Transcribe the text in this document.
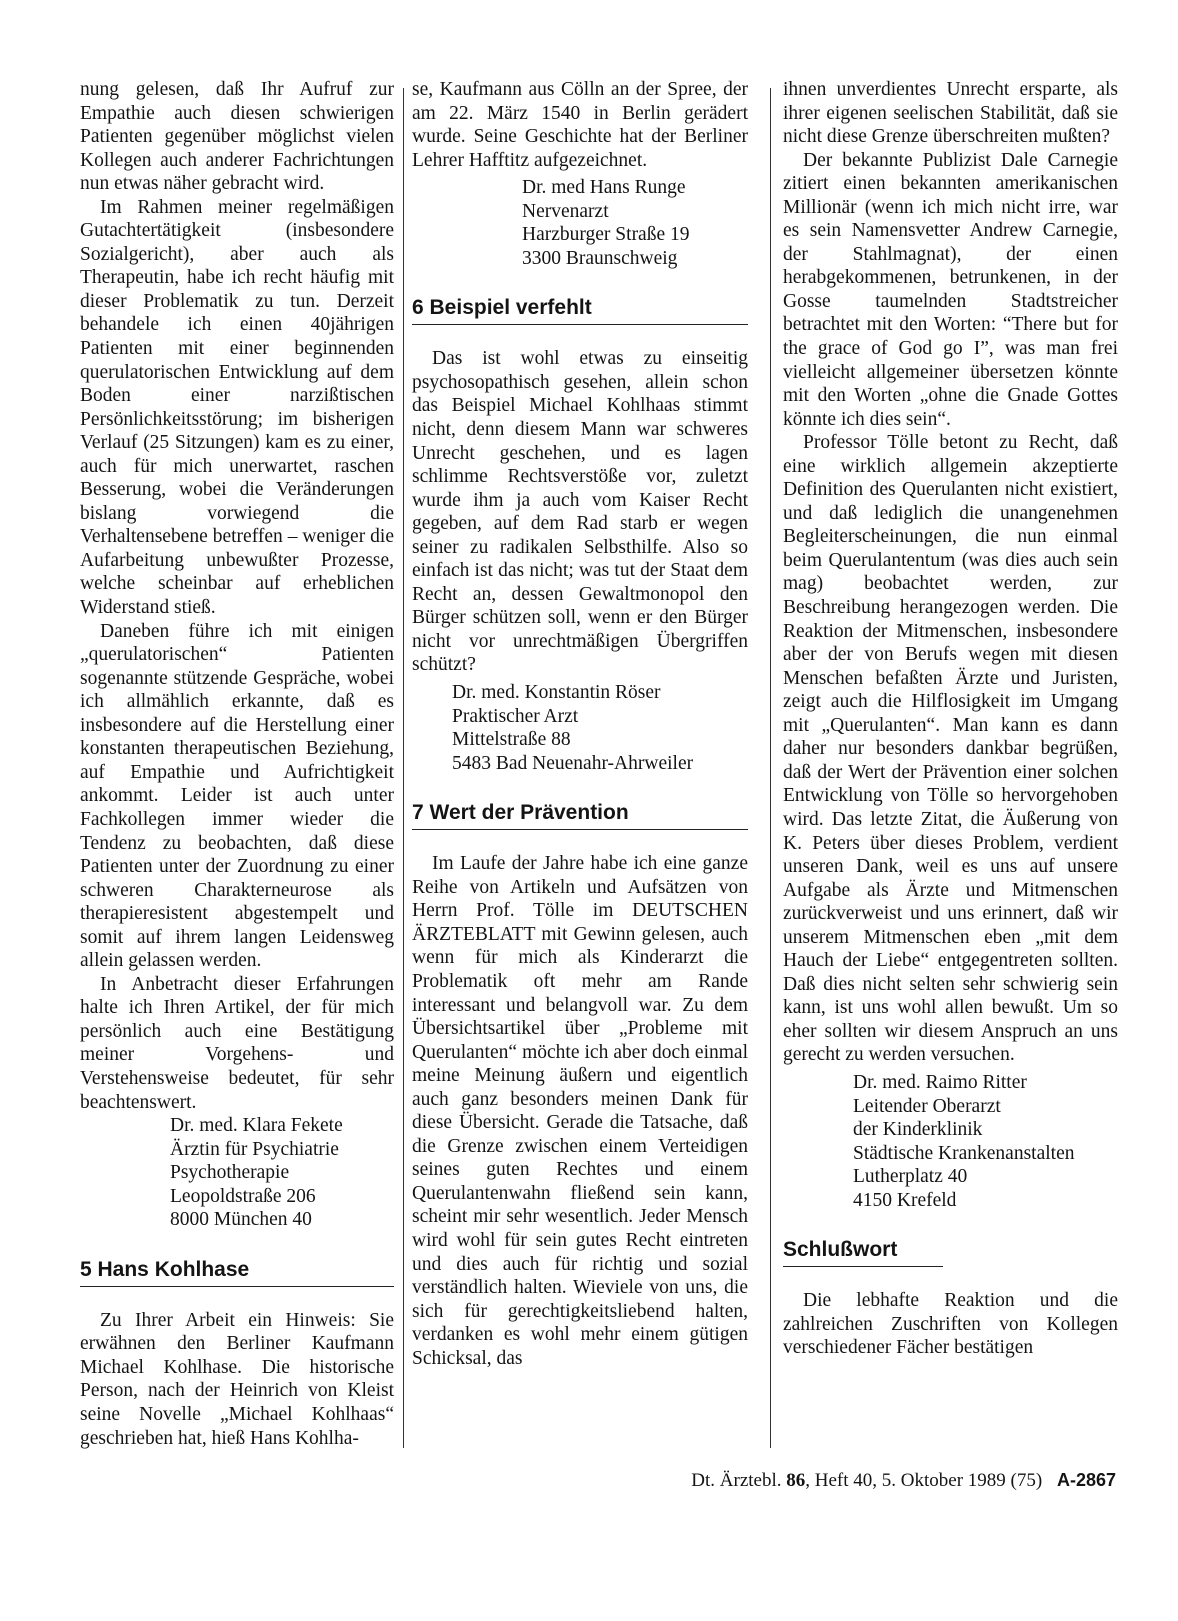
nung gelesen, daß Ihr Aufruf zur Empathie auch diesen schwierigen Patienten gegenüber möglichst vielen Kollegen auch anderer Fachrichtungen nun etwas näher gebracht wird.

Im Rahmen meiner regelmäßigen Gutachtertätigkeit (insbesondere Sozialgericht), aber auch als Therapeutin, habe ich recht häufig mit dieser Problematik zu tun. Derzeit behandele ich einen 40jährigen Patienten mit einer beginnenden querulatorischen Entwicklung auf dem Boden einer narzißtischen Persönlichkeitsstörung; im bisherigen Verlauf (25 Sitzungen) kam es zu einer, auch für mich unerwartet, raschen Besserung, wobei die Veränderungen bislang vorwiegend die Verhaltensebene betreffen – weniger die Aufarbeitung unbewußter Prozesse, welche scheinbar auf erheblichen Widerstand stieß.

Daneben führe ich mit einigen „querulatorischen“ Patienten sogenannte stützende Gespräche, wobei ich allmählich erkannte, daß es insbesondere auf die Herstellung einer konstanten therapeutischen Beziehung, auf Empathie und Aufrichtigkeit ankommt. Leider ist auch unter Fachkollegen immer wieder die Tendenz zu beobachten, daß diese Patienten unter der Zuordnung zu einer schweren Charakterneurose als therapieresistent abgestempelt und somit auf ihrem langen Leidensweg allein gelassen werden.

In Anbetracht dieser Erfahrungen halte ich Ihren Artikel, der für mich persönlich auch eine Bestätigung meiner Vorgehens- und Verstehensweise bedeutet, für sehr beachtenswert.

Dr. med. Klara Fekete
Ärztin für Psychiatrie
Psychotherapie
Leopoldstraße 206
8000 München 40
5 Hans Kohlhase

Zu Ihrer Arbeit ein Hinweis: Sie erwähnen den Berliner Kaufmann Michael Kohlhase. Die historische Person, nach der Heinrich von Kleist seine Novelle „Michael Kohlhaas“ geschrieben hat, hieß Hans Kohlha-

se, Kaufmann aus Cölln an der Spree, der am 22. März 1540 in Berlin gerädert wurde. Seine Geschichte hat der Berliner Lehrer Hafftitz aufgezeichnet.

Dr. med Hans Runge
Nervenarzt
Harzburger Straße 19
3300 Braunschweig
6 Beispiel verfehlt

Das ist wohl etwas zu einseitig psychosopathisch gesehen, allein schon das Beispiel Michael Kohlhaas stimmt nicht, denn diesem Mann war schweres Unrecht geschehen, und es lagen schlimme Rechtsverstöße vor, zuletzt wurde ihm ja auch vom Kaiser Recht gegeben, auf dem Rad starb er wegen seiner zu radikalen Selbsthilfe. Also so einfach ist das nicht; was tut der Staat dem Recht an, dessen Gewaltmonopol den Bürger schützen soll, wenn er den Bürger nicht vor unrechtmäßigen Übergriffen schützt?

Dr. med. Konstantin Röser
Praktischer Arzt
Mittelstraße 88
5483 Bad Neuenahr-Ahrweiler
7 Wert der Prävention

Im Laufe der Jahre habe ich eine ganze Reihe von Artikeln und Aufsätzen von Herrn Prof. Tölle im DEUTSCHEN ÄRZTEBLATT mit Gewinn gelesen, auch wenn für mich als Kinderarzt die Problematik oft mehr am Rande interessant und belangvoll war. Zu dem Übersichtsartikel über „Probleme mit Querulanten“ möchte ich aber doch einmal meine Meinung äußern und eigentlich auch ganz besonders meinen Dank für diese Übersicht. Gerade die Tatsache, daß die Grenze zwischen einem Verteidigen seines guten Rechtes und einem Querulantenwahn fließend sein kann, scheint mir sehr wesentlich. Jeder Mensch wird wohl für sein gutes Recht eintreten und dies auch für richtig und sozial verständlich halten. Wieviele von uns, die sich für gerechtigkeitsliebend halten, verdanken es wohl mehr einem gütigen Schicksal, das

ihnen unverdientes Unrecht ersparte, als ihrer eigenen seelischen Stabilität, daß sie nicht diese Grenze überschreiten mußten?

Der bekannte Publizist Dale Carnegie zitiert einen bekannten amerikanischen Millionär (wenn ich mich nicht irre, war es sein Namensvetter Andrew Carnegie, der Stahlmagnat), der einen herabgekommenen, betrunkenen, in der Gosse taumelnden Stadtstreicher betrachtet mit den Worten: “There but for the grace of God go I”, was man frei vielleicht allgemeiner übersetzen könnte mit den Worten „ohne die Gnade Gottes könnte ich dies sein“.

Professor Tölle betont zu Recht, daß eine wirklich allgemein akzeptierte Definition des Querulanten nicht existiert, und daß lediglich die unangenehmen Begleiterscheinungen, die nun einmal beim Querulantentum (was dies auch sein mag) beobachtet werden, zur Beschreibung herangezogen werden. Die Reaktion der Mitmenschen, insbesondere aber der von Berufs wegen mit diesen Menschen befaßten Ärzte und Juristen, zeigt auch die Hilflosigkeit im Umgang mit „Querulanten“. Man kann es dann daher nur besonders dankbar begrüßen, daß der Wert der Prävention einer solchen Entwicklung von Tölle so hervorgehoben wird. Das letzte Zitat, die Äußerung von K. Peters über dieses Problem, verdient unseren Dank, weil es uns auf unsere Aufgabe als Ärzte und Mitmenschen zurückverweist und uns erinnert, daß wir unserem Mitmenschen eben „mit dem Hauch der Liebe“ entgegentreten sollten. Daß dies nicht selten sehr schwierig sein kann, ist uns wohl allen bewußt. Um so eher sollten wir diesem Anspruch an uns gerecht zu werden versuchen.

Dr. med. Raimo Ritter
Leitender Oberarzt
der Kinderklinik
Städtische Krankenanstalten
Lutherplatz 40
4150 Krefeld
Schlußwort

Die lebhafte Reaktion und die zahlreichen Zuschriften von Kollegen verschiedener Fächer bestätigen

Dt. Ärztebl. 86, Heft 40, 5. Oktober 1989 (75) A-2867
